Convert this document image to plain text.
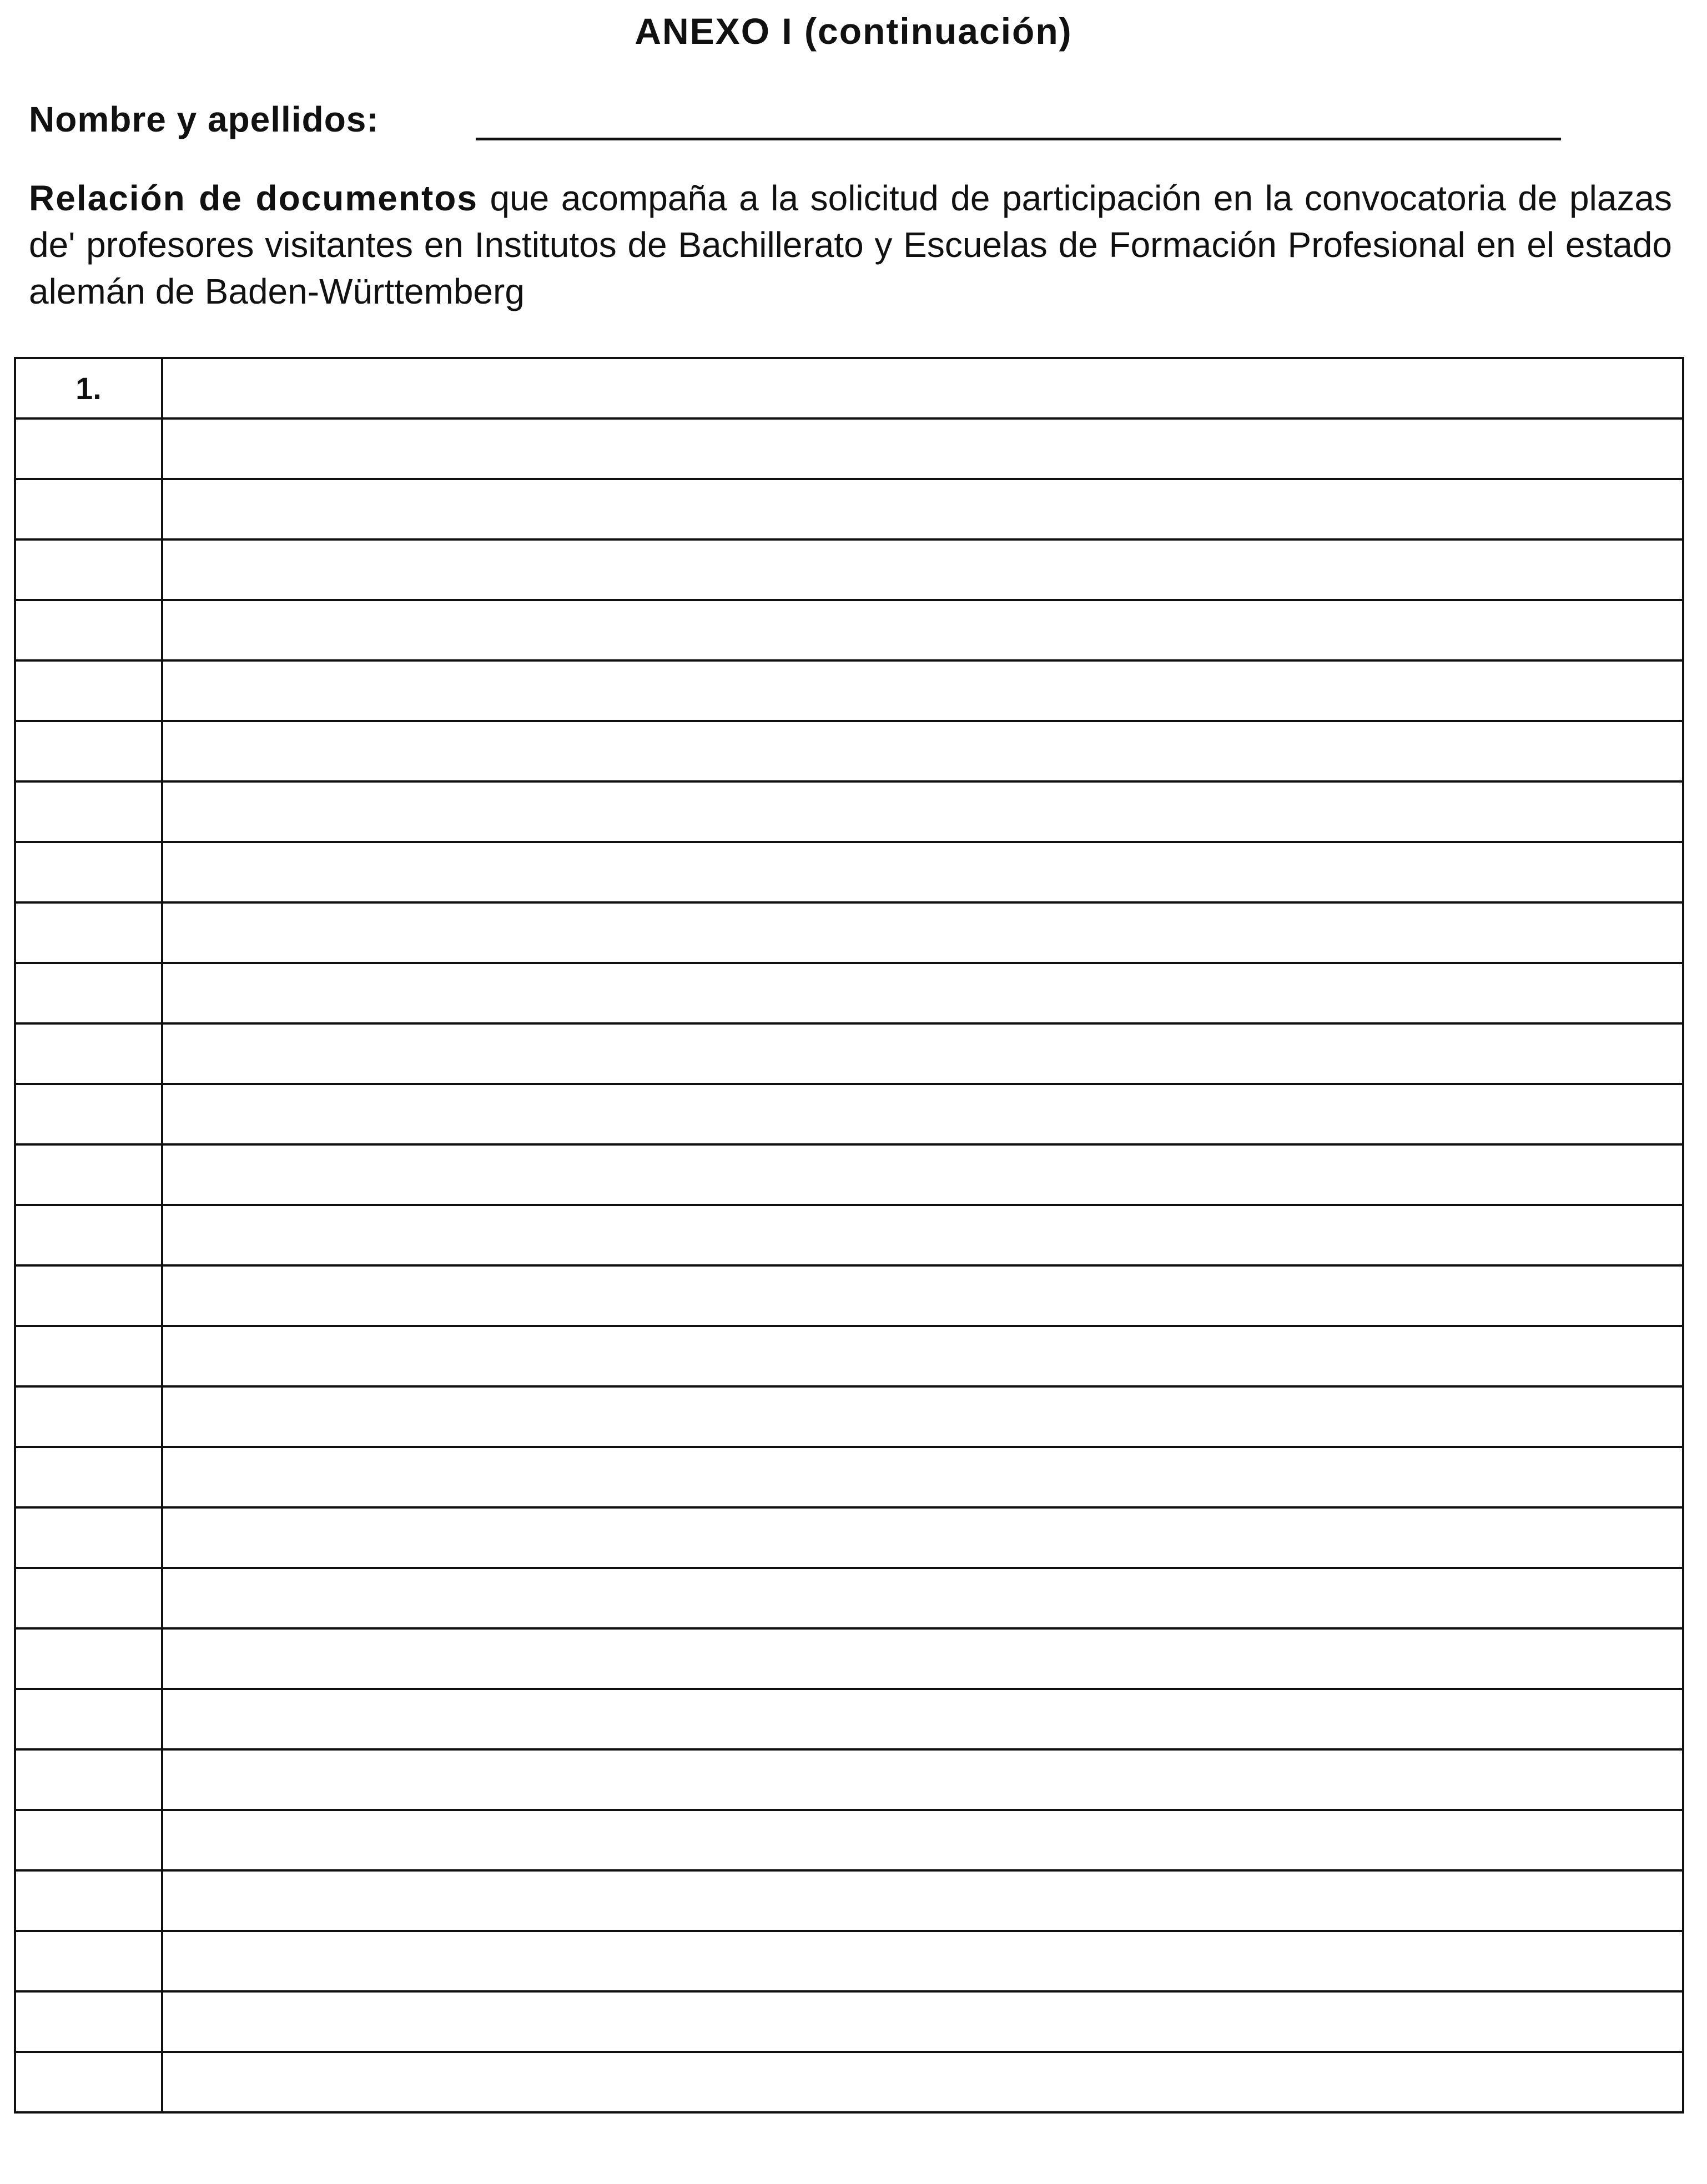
ANEXO I (continuación)
Nombre y apellidos:
Relación de documentos que acompaña a la solicitud de participación en la convocatoria de plazas de' profesores visitantes en Institutos de Bachillerato y Escuelas de Formación Profesional en el estado alemán de Baden-Württemberg
1.	
